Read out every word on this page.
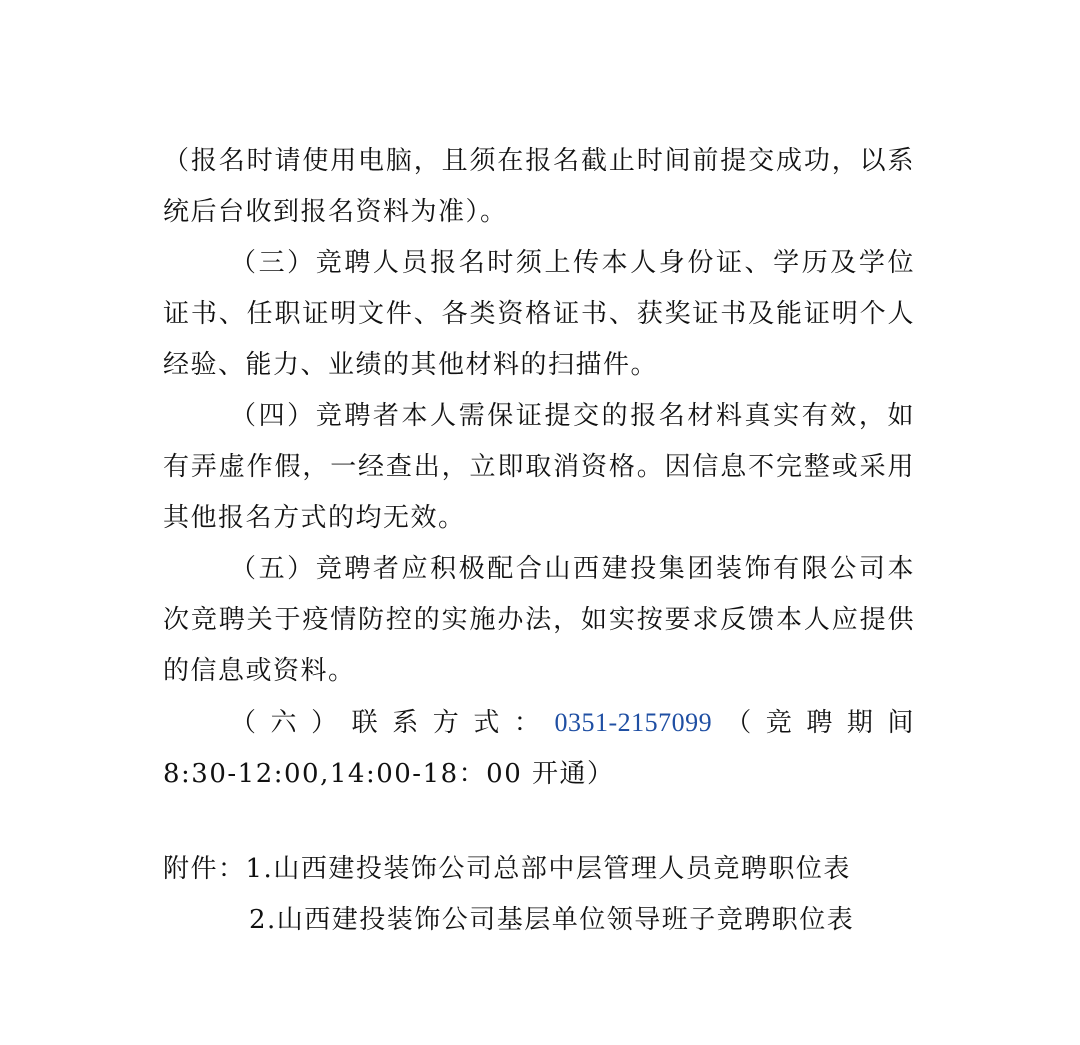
（报名时请使用电脑，且须在报名截止时间前提交成功，以系统后台收到报名资料为准）。

（三）竞聘人员报名时须上传本人身份证、学历及学位证书、任职证明文件、各类资格证书、获奖证书及能证明个人经验、能力、业绩的其他材料的扫描件。

（四）竞聘者本人需保证提交的报名材料真实有效，如有弄虚作假，一经查出，立即取消资格。因信息不完整或采用其他报名方式的均无效。

（五）竞聘者应积极配合山西建投集团装饰有限公司本次竞聘关于疫情防控的实施办法，如实按要求反馈本人应提供的信息或资料。

（六）联系方式：0351-2157099（竞聘期间

8:30-12:00,14:00-18：00 开通）

附件：1.山西建投装饰公司总部中层管理人员竞聘职位表

2.山西建投装饰公司基层单位领导班子竞聘职位表
